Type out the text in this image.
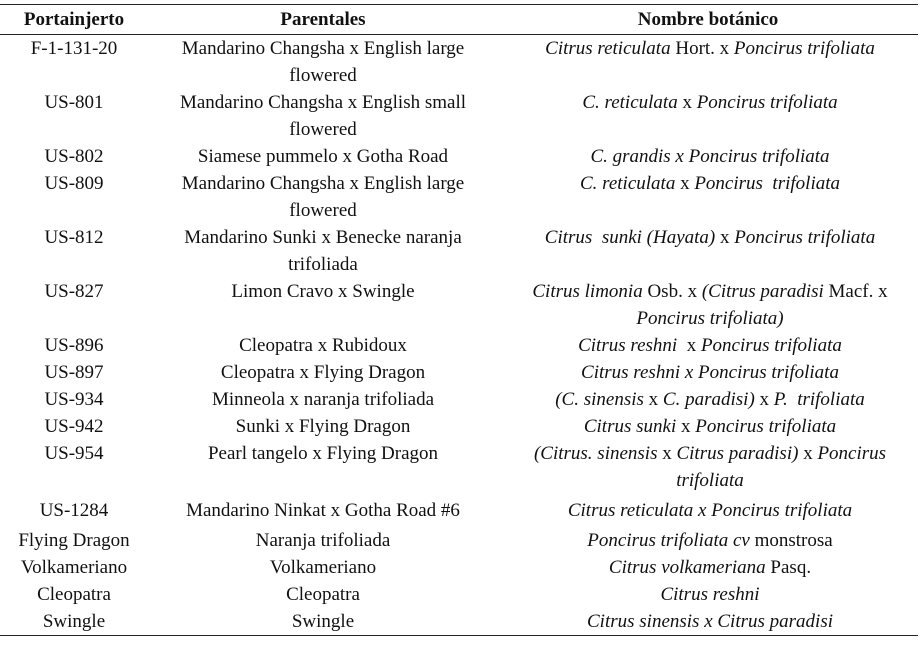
Portainjerto	Parentales	Nombre botánico
F-1-131-20	Mandarino Changsha x English large flowered	Citrus reticulata Hort. x Poncirus trifoliata
US-801	Mandarino Changsha x English small flowered	C. reticulata x Poncirus trifoliata
US-802	Siamese pummelo x Gotha Road	C. grandis x Poncirus trifoliata
US-809	Mandarino Changsha x English large flowered	C. reticulata x Poncirus  trifoliata
US-812	Mandarino Sunki x Benecke naranja trifoliada	Citrus  sunki (Hayata) x Poncirus trifoliata
US-827	Limon Cravo x Swingle	Citrus limonia Osb. x (Citrus paradisi Macf. x Poncirus trifoliata)
US-896	Cleopatra x Rubidoux	Citrus reshni  x Poncirus trifoliata
US-897	Cleopatra x Flying Dragon	Citrus reshni x Poncirus trifoliata
US-934	Minneola x naranja trifoliada	(C. sinensis x C. paradisi) x P.  trifoliata
US-942	Sunki x Flying Dragon	Citrus sunki x Poncirus trifoliata
US-954	Pearl tangelo x Flying Dragon	(Citrus. sinensis x Citrus paradisi) x Poncirus trifoliata
US-1284	Mandarino Ninkat x Gotha Road #6	Citrus reticulata x Poncirus trifoliata
Flying Dragon	Naranja trifoliada	Poncirus trifoliata cv monstrosa
Volkameriano	Volkameriano	Citrus volkameriana Pasq.
Cleopatra	Cleopatra	Citrus reshni
Swingle	Swingle	Citrus sinensis x Citrus paradisi
